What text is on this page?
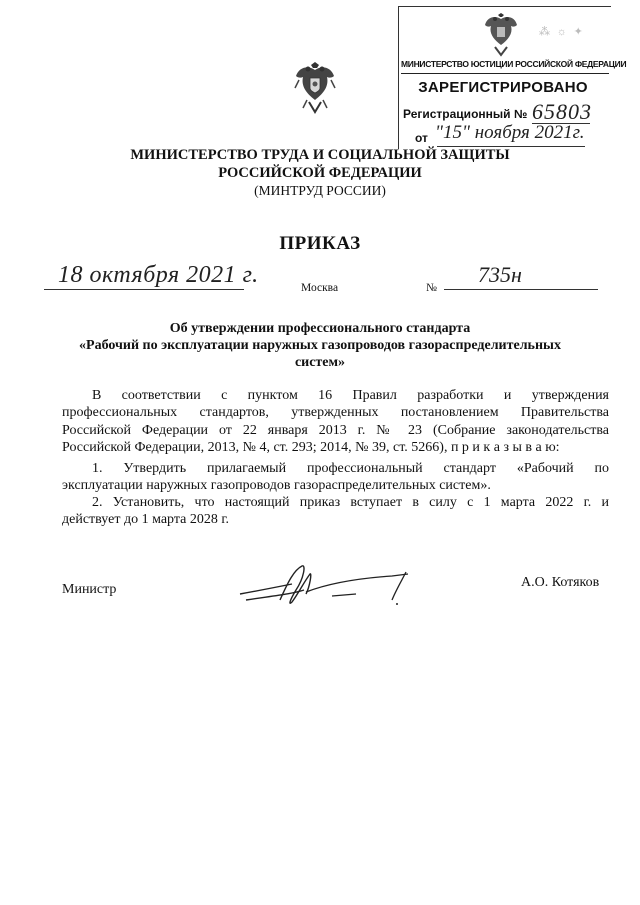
⁂ ☼ ✦
МИНИСТЕРСТВО ЮСТИЦИИ РОССИЙСКОЙ ФЕДЕРАЦИИ
ЗАРЕГИСТРИРОВАНО
Регистрационный № 65803
от "15" ноября 2021г.
МИНИСТЕРСТВО ТРУДА И СОЦИАЛЬНОЙ ЗАЩИТЫ
РОССИЙСКОЙ ФЕДЕРАЦИИ
(МИНТРУД РОССИИ)
ПРИКАЗ
18 октября 2021 г.	Москва	№
735н
Об утверждении профессионального стандарта
«Рабочий по эксплуатации наружных газопроводов газораспределительных
систем»
В соответствии с пунктом 16 Правил разработки и утверждения
профессиональных стандартов, утвержденных постановлением Правительства
Российской Федерации от 22 января 2013 г. № 23 (Собрание законодательства
Российской Федерации, 2013, № 4, ст. 293; 2014, № 39, ст. 5266), п р и к а з ы в а ю:
1. Утвердить прилагаемый профессиональный стандарт «Рабочий по
эксплуатации наружных газопроводов газораспределительных систем».
2. Установить, что настоящий приказ вступает в силу с 1 марта 2022 г. и
действует до 1 марта 2028 г.
Министр	А.О. Котяков
